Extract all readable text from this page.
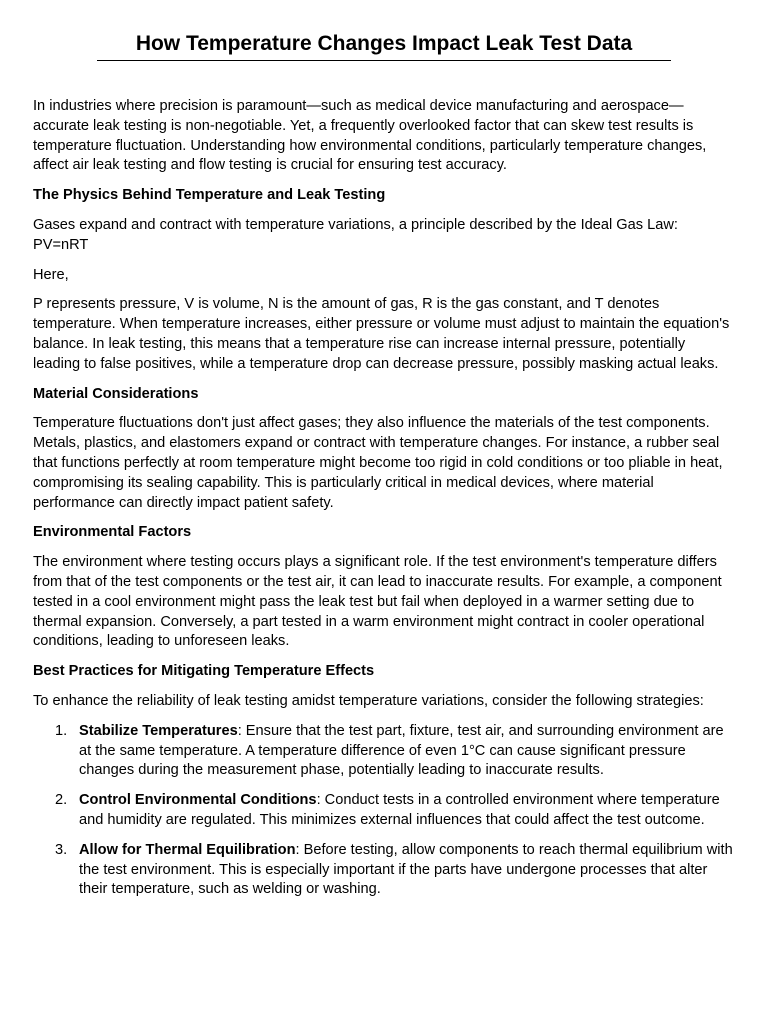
How Temperature Changes Impact Leak Test Data

In industries where precision is paramount—such as medical device manufacturing and aerospace—accurate leak testing is non-negotiable. Yet, a frequently overlooked factor that can skew test results is temperature fluctuation. Understanding how environmental conditions, particularly temperature changes, affect air leak testing and flow testing is crucial for ensuring test accuracy.

The Physics Behind Temperature and Leak Testing

Gases expand and contract with temperature variations, a principle described by the Ideal Gas Law: PV=nRT

Here,

P represents pressure, V is volume, N is the amount of gas, R is the gas constant, and T denotes temperature. When temperature increases, either pressure or volume must adjust to maintain the equation's balance. In leak testing, this means that a temperature rise can increase internal pressure, potentially leading to false positives, while a temperature drop can decrease pressure, possibly masking actual leaks.

Material Considerations

Temperature fluctuations don't just affect gases; they also influence the materials of the test components. Metals, plastics, and elastomers expand or contract with temperature changes. For instance, a rubber seal that functions perfectly at room temperature might become too rigid in cold conditions or too pliable in heat, compromising its sealing capability. This is particularly critical in medical devices, where material performance can directly impact patient safety.

Environmental Factors

The environment where testing occurs plays a significant role. If the test environment's temperature differs from that of the test components or the test air, it can lead to inaccurate results. For example, a component tested in a cool environment might pass the leak test but fail when deployed in a warmer setting due to thermal expansion. Conversely, a part tested in a warm environment might contract in cooler operational conditions, leading to unforeseen leaks.

Best Practices for Mitigating Temperature Effects

To enhance the reliability of leak testing amidst temperature variations, consider the following strategies:

1. Stabilize Temperatures: Ensure that the test part, fixture, test air, and surrounding environment are at the same temperature. A temperature difference of even 1°C can cause significant pressure changes during the measurement phase, potentially leading to inaccurate results.
2. Control Environmental Conditions: Conduct tests in a controlled environment where temperature and humidity are regulated. This minimizes external influences that could affect the test outcome.
3. Allow for Thermal Equilibration: Before testing, allow components to reach thermal equilibrium with the test environment. This is especially important if the parts have undergone processes that alter their temperature, such as welding or washing.
